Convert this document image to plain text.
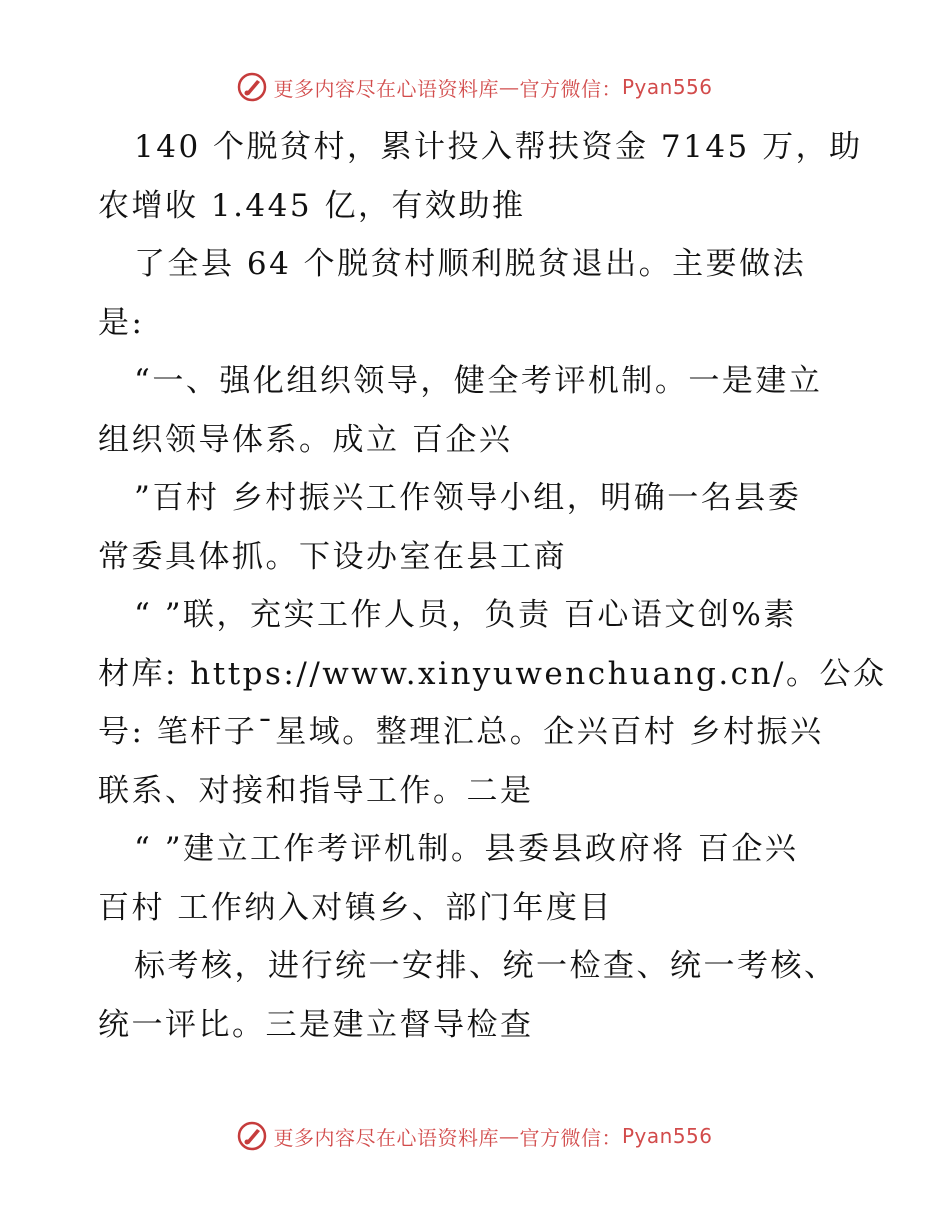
更多内容尽在心语资料库 — 官方微信： Pyan556
140 个脱贫村，累计投入帮扶资金 7145 万，助
农增收 1.445 亿，有效助推
了全县 64 个脱贫村顺利脱贫退出。主要做法
是:
“一、强化组织领导，健全考评机制。一是建立
组织领导体系。成立 百企兴
”百村 乡村振兴工作领导小组，明确一名县委
常委具体抓。下设办室在县工商
“ ”联，充实工作人员，负责 百心语文创%素
材库: https://www.xinyuwenchuang.cn/。公众
号: 笔杆子¯星域。整理汇总。企兴百村 乡村振兴
联系、对接和指导工作。二是
“ ”建立工作考评机制。县委县政府将 百企兴
百村 工作纳入对镇乡、部门年度目
标考核，进行统一安排、统一检查、统一考核、
统一评比。三是建立督导检查
更多内容尽在心语资料库 — 官方微信： Pyan556
